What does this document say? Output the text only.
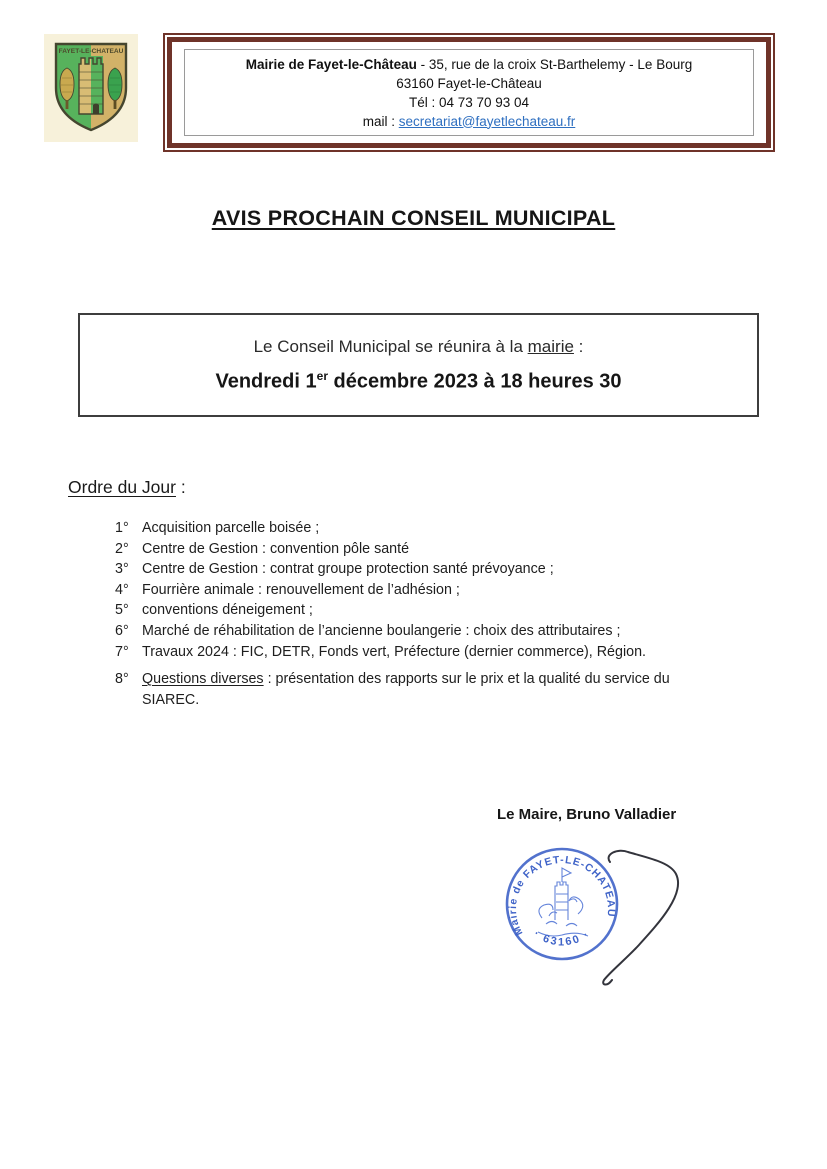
FAYET-LE-CHATEAU
Mairie de Fayet-le-Château - 35, rue de la croix St-Barthelemy - Le Bourg
63160 Fayet-le-Château
Tél : 04 73 70 93 04
mail : secretariat@fayetlechateau.fr
AVIS PROCHAIN CONSEIL MUNICIPAL
Le Conseil Municipal se réunira à la mairie :
Vendredi 1er décembre 2023 à 18 heures 30
Ordre du Jour :
1° Acquisition parcelle boisée ;
2° Centre de Gestion : convention pôle santé
3° Centre de Gestion : contrat groupe protection santé prévoyance ;
4° Fourrière animale : renouvellement de l’adhésion ;
5° conventions déneigement ;
6° Marché de réhabilitation de l’ancienne boulangerie : choix des attributaires ;
7° Travaux 2024 : FIC, DETR, Fonds vert, Préfecture (dernier commerce), Région.
8° Questions diverses : présentation des rapports sur le prix et la qualité du service du SIAREC.
Le Maire, Bruno Valladier
Mairie de FAYET-LE-CHATEAU
· 63160 ·
